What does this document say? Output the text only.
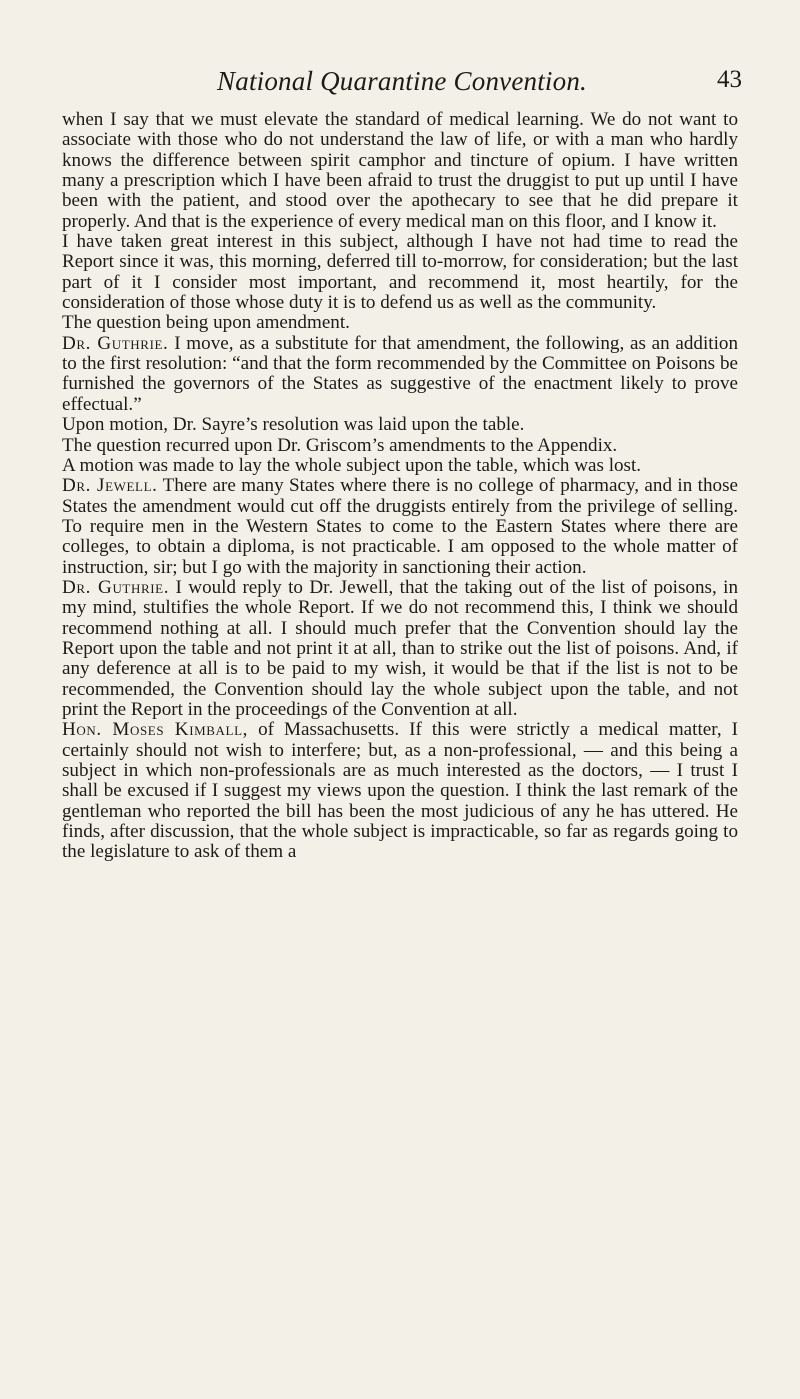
National Quarantine Convention.	43

when I say that we must elevate the standard of medical learning. We do not want to associate with those who do not understand the law of life, or with a man who hardly knows the difference between spirit camphor and tincture of opium. I have written many a prescription which I have been afraid to trust the druggist to put up until I have been with the patient, and stood over the apothecary to see that he did prepare it properly. And that is the experience of every medical man on this floor, and I know it.

I have taken great interest in this subject, although I have not had time to read the Report since it was, this morning, deferred till to-morrow, for consideration; but the last part of it I consider most important, and recommend it, most heartily, for the consideration of those whose duty it is to defend us as well as the community.

The question being upon amendment.

Dr. Guthrie. I move, as a substitute for that amendment, the following, as an addition to the first resolution: “and that the form recommended by the Committee on Poisons be furnished the governors of the States as suggestive of the enactment likely to prove effectual.”

Upon motion, Dr. Sayre’s resolution was laid upon the table.

The question recurred upon Dr. Griscom’s amendments to the Appendix.

A motion was made to lay the whole subject upon the table, which was lost.

Dr. Jewell. There are many States where there is no college of pharmacy, and in those States the amendment would cut off the druggists entirely from the privilege of selling. To require men in the Western States to come to the Eastern States where there are colleges, to obtain a diploma, is not practicable. I am opposed to the whole matter of instruction, sir; but I go with the majority in sanctioning their action.

Dr. Guthrie. I would reply to Dr. Jewell, that the taking out of the list of poisons, in my mind, stultifies the whole Report. If we do not recommend this, I think we should recommend nothing at all. I should much prefer that the Convention should lay the Report upon the table and not print it at all, than to strike out the list of poisons. And, if any deference at all is to be paid to my wish, it would be that if the list is not to be recommended, the Convention should lay the whole subject upon the table, and not print the Report in the proceedings of the Convention at all.

Hon. Moses Kimball, of Massachusetts. If this were strictly a medical matter, I certainly should not wish to interfere; but, as a non-professional, — and this being a subject in which non-professionals are as much interested as the doctors, — I trust I shall be excused if I suggest my views upon the question. I think the last remark of the gentleman who reported the bill has been the most judicious of any he has uttered. He finds, after discussion, that the whole subject is impracticable, so far as regards going to the legislature to ask of them a
